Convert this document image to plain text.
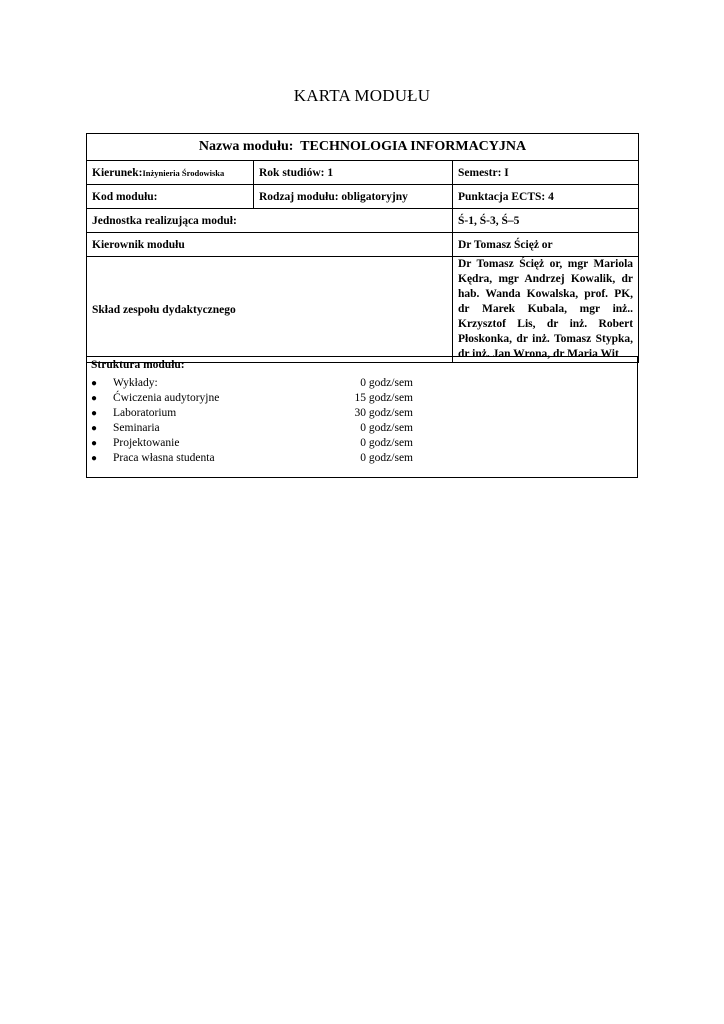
KARTA MODUŁU
Nazwa modułu: TECHNOLOGIA INFORMACYJNA		
Kierunek:Inżynieria Środowiska	Rok studiów: 1	Semestr: I
Kod modułu:	Rodzaj modułu: obligatoryjny	Punktacja ECTS: 4
Jednostka realizująca moduł:		Ś-1, Ś-3, Ś–5
Kierownik modułu		Dr Tomasz Ścięż or
Skład zespołu dydaktycznego		Dr Tomasz Ścięż or, mgr Mariola Kędra, mgr Andrzej Kowalik, dr hab. Wanda Kowalska, prof. PK, dr Marek Kubala, mgr inż.. Krzysztof Lis, dr inż. Robert Płoskonka, dr inż. Tomasz Stypka, dr inż. Jan Wrona, dr Maria Wit
Struktura modułu:
● Wykłady:	0 godz/sem
● Ćwiczenia audytoryjne	15 godz/sem
● Laboratorium	30 godz/sem
● Seminaria	0 godz/sem
● Projektowanie	0 godz/sem
● Praca własna studenta	0 godz/sem
